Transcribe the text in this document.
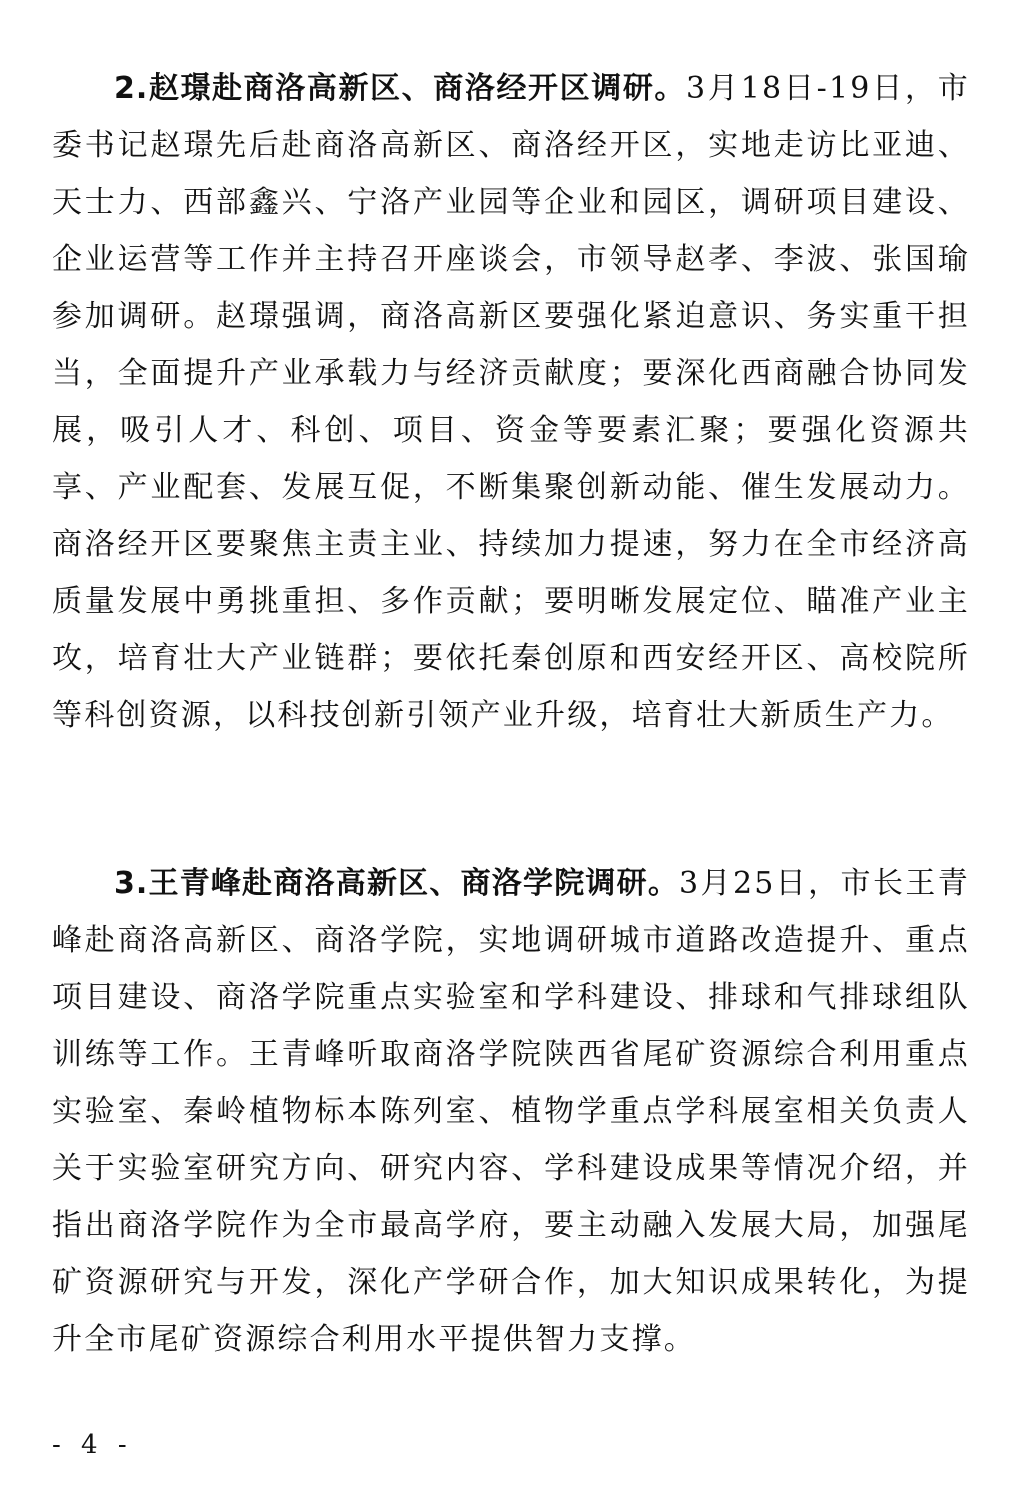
2.赵璟赴商洛高新区、商洛经开区调研。3月18日-19日，市委书记赵璟先后赴商洛高新区、商洛经开区，实地走访比亚迪、天士力、西部鑫兴、宁洛产业园等企业和园区，调研项目建设、企业运营等工作并主持召开座谈会，市领导赵孝、李波、张国瑜参加调研。赵璟强调，商洛高新区要强化紧迫意识、务实重干担当，全面提升产业承载力与经济贡献度；要深化西商融合协同发展，吸引人才、科创、项目、资金等要素汇聚；要强化资源共享、产业配套、发展互促，不断集聚创新动能、催生发展动力。商洛经开区要聚焦主责主业、持续加力提速，努力在全市经济高质量发展中勇挑重担、多作贡献；要明晰发展定位、瞄准产业主攻，培育壮大产业链群；要依托秦创原和西安经开区、高校院所等科创资源，以科技创新引领产业升级，培育壮大新质生产力。

3.王青峰赴商洛高新区、商洛学院调研。3月25日，市长王青峰赴商洛高新区、商洛学院，实地调研城市道路改造提升、重点项目建设、商洛学院重点实验室和学科建设、排球和气排球组队训练等工作。王青峰听取商洛学院陕西省尾矿资源综合利用重点实验室、秦岭植物标本陈列室、植物学重点学科展室相关负责人关于实验室研究方向、研究内容、学科建设成果等情况介绍，并指出商洛学院作为全市最高学府，要主动融入发展大局，加强尾矿资源研究与开发，深化产学研合作，加大知识成果转化，为提升全市尾矿资源综合利用水平提供智力支撑。

- 4 -
